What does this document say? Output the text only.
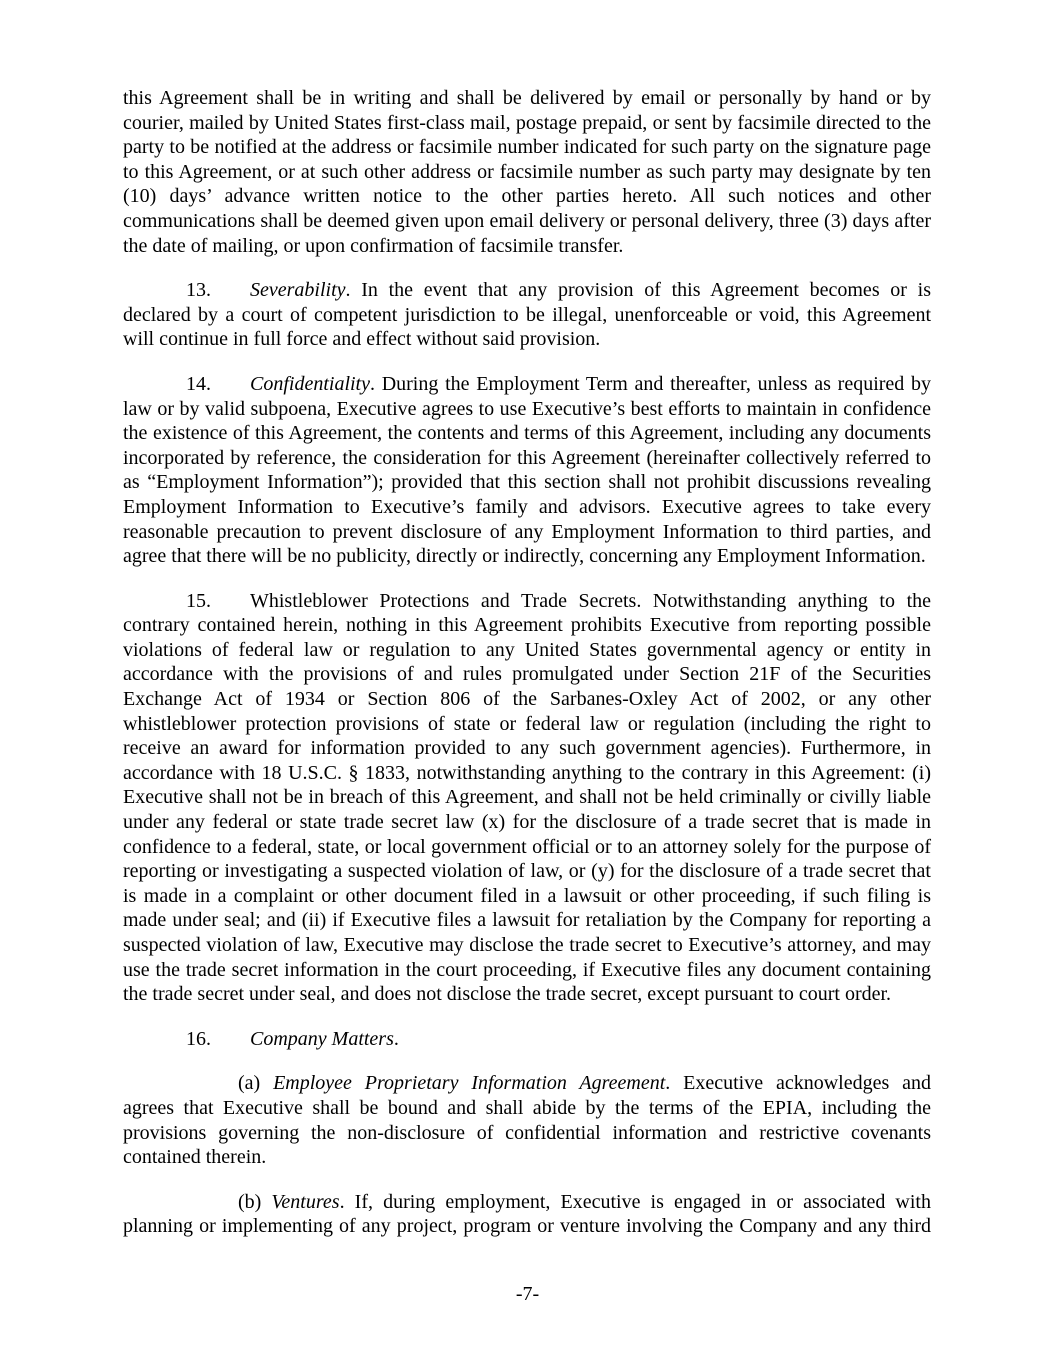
this Agreement shall be in writing and shall be delivered by email or personally by hand or by courier, mailed by United States first-class mail, postage prepaid, or sent by facsimile directed to the party to be notified at the address or facsimile number indicated for such party on the signature page to this Agreement, or at such other address or facsimile number as such party may designate by ten (10) days’ advance written notice to the other parties hereto. All such notices and other communications shall be deemed given upon email delivery or personal delivery, three (3) days after the date of mailing, or upon confirmation of facsimile transfer.

13. Severability. In the event that any provision of this Agreement becomes or is declared by a court of competent jurisdiction to be illegal, unenforceable or void, this Agreement will continue in full force and effect without said provision.

14. Confidentiality. During the Employment Term and thereafter, unless as required by law or by valid subpoena, Executive agrees to use Executive’s best efforts to maintain in confidence the existence of this Agreement, the contents and terms of this Agreement, including any documents incorporated by reference, the consideration for this Agreement (hereinafter collectively referred to as “Employment Information”); provided that this section shall not prohibit discussions revealing Employment Information to Executive’s family and advisors. Executive agrees to take every reasonable precaution to prevent disclosure of any Employment Information to third parties, and agree that there will be no publicity, directly or indirectly, concerning any Employment Information.

15. Whistleblower Protections and Trade Secrets. Notwithstanding anything to the contrary contained herein, nothing in this Agreement prohibits Executive from reporting possible violations of federal law or regulation to any United States governmental agency or entity in accordance with the provisions of and rules promulgated under Section 21F of the Securities Exchange Act of 1934 or Section 806 of the Sarbanes-Oxley Act of 2002, or any other whistleblower protection provisions of state or federal law or regulation (including the right to receive an award for information provided to any such government agencies). Furthermore, in accordance with 18 U.S.C. § 1833, notwithstanding anything to the contrary in this Agreement: (i) Executive shall not be in breach of this Agreement, and shall not be held criminally or civilly liable under any federal or state trade secret law (x) for the disclosure of a trade secret that is made in confidence to a federal, state, or local government official or to an attorney solely for the purpose of reporting or investigating a suspected violation of law, or (y) for the disclosure of a trade secret that is made in a complaint or other document filed in a lawsuit or other proceeding, if such filing is made under seal; and (ii) if Executive files a lawsuit for retaliation by the Company for reporting a suspected violation of law, Executive may disclose the trade secret to Executive’s attorney, and may use the trade secret information in the court proceeding, if Executive files any document containing the trade secret under seal, and does not disclose the trade secret, except pursuant to court order.

16. Company Matters.

(a) Employee Proprietary Information Agreement. Executive acknowledges and agrees that Executive shall be bound and shall abide by the terms of the EPIA, including the provisions governing the non-disclosure of confidential information and restrictive covenants contained therein.

(b) Ventures. If, during employment, Executive is engaged in or associated with planning or implementing of any project, program or venture involving the Company and any third

-7-
